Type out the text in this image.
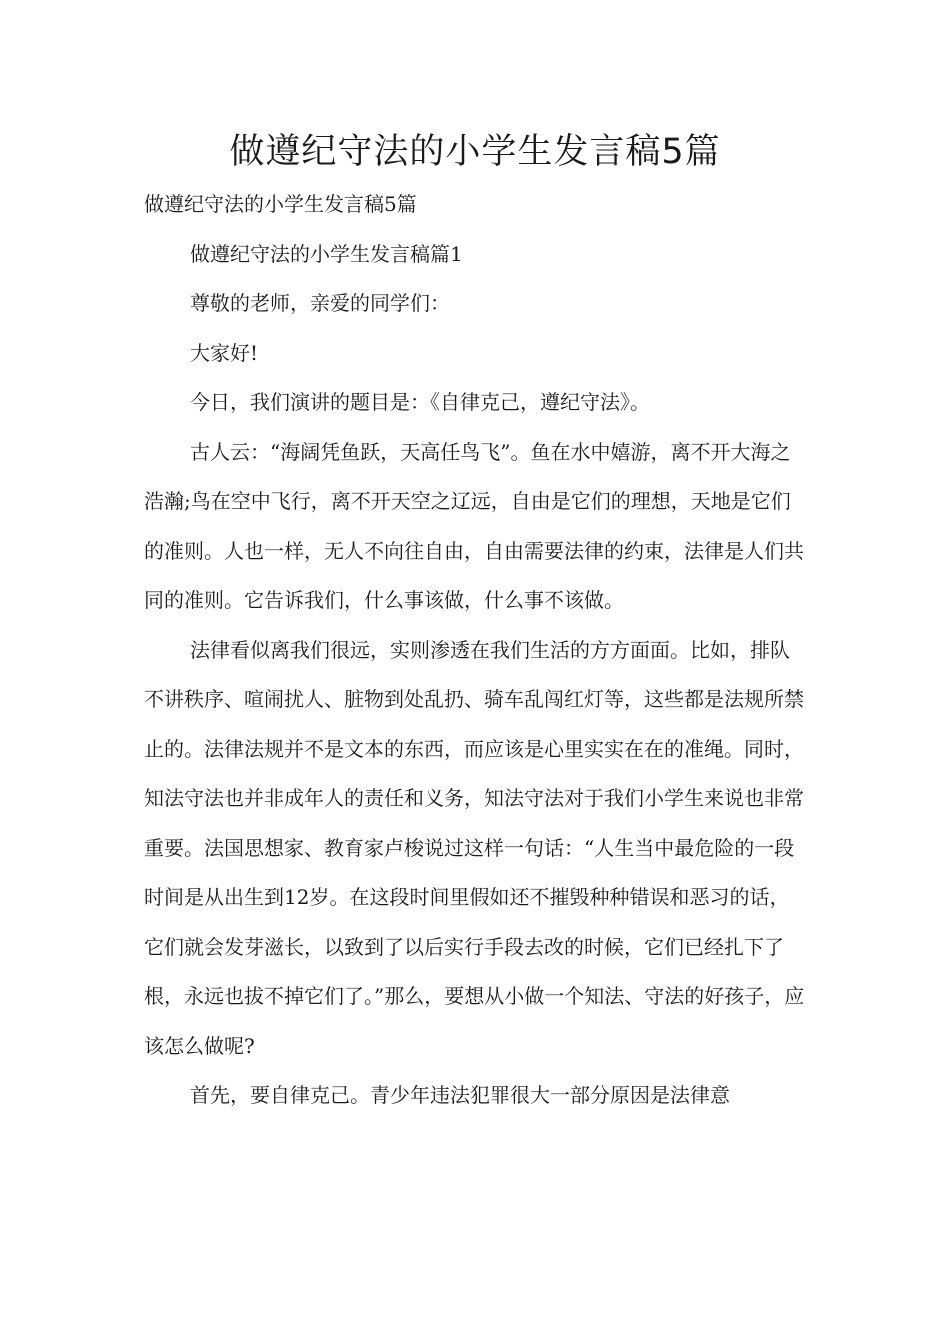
做遵纪守法的小学生发言稿5篇

做遵纪守法的小学生发言稿5篇

做遵纪守法的小学生发言稿篇1

尊敬的老师，亲爱的同学们：

大家好!

今日，我们演讲的题目是：《自律克己，遵纪守法》。

古人云：“海阔凭鱼跃，天高任鸟飞”。鱼在水中嬉游，离不开大海之浩瀚;鸟在空中飞行，离不开天空之辽远，自由是它们的理想，天地是它们的准则。人也一样，无人不向往自由，自由需要法律的约束，法律是人们共同的准则。它告诉我们，什么事该做，什么事不该做。

法律看似离我们很远，实则渗透在我们生活的方方面面。比如，排队不讲秩序、喧闹扰人、脏物到处乱扔、骑车乱闯红灯等，这些都是法规所禁止的。法律法规并不是文本的东西，而应该是心里实实在在的准绳。同时，知法守法也并非成年人的责任和义务，知法守法对于我们小学生来说也非常重要。法国思想家、教育家卢梭说过这样一句话：“人生当中最危险的一段时间是从出生到12岁。在这段时间里假如还不摧毁种种错误和恶习的话，它们就会发芽滋长，以致到了以后实行手段去改的时候，它们已经扎下了根，永远也拔不掉它们了。”那么，要想从小做一个知法、守法的好孩子，应该怎么做呢?

首先，要自律克己。青少年违法犯罪很大一部分原因是法律意
